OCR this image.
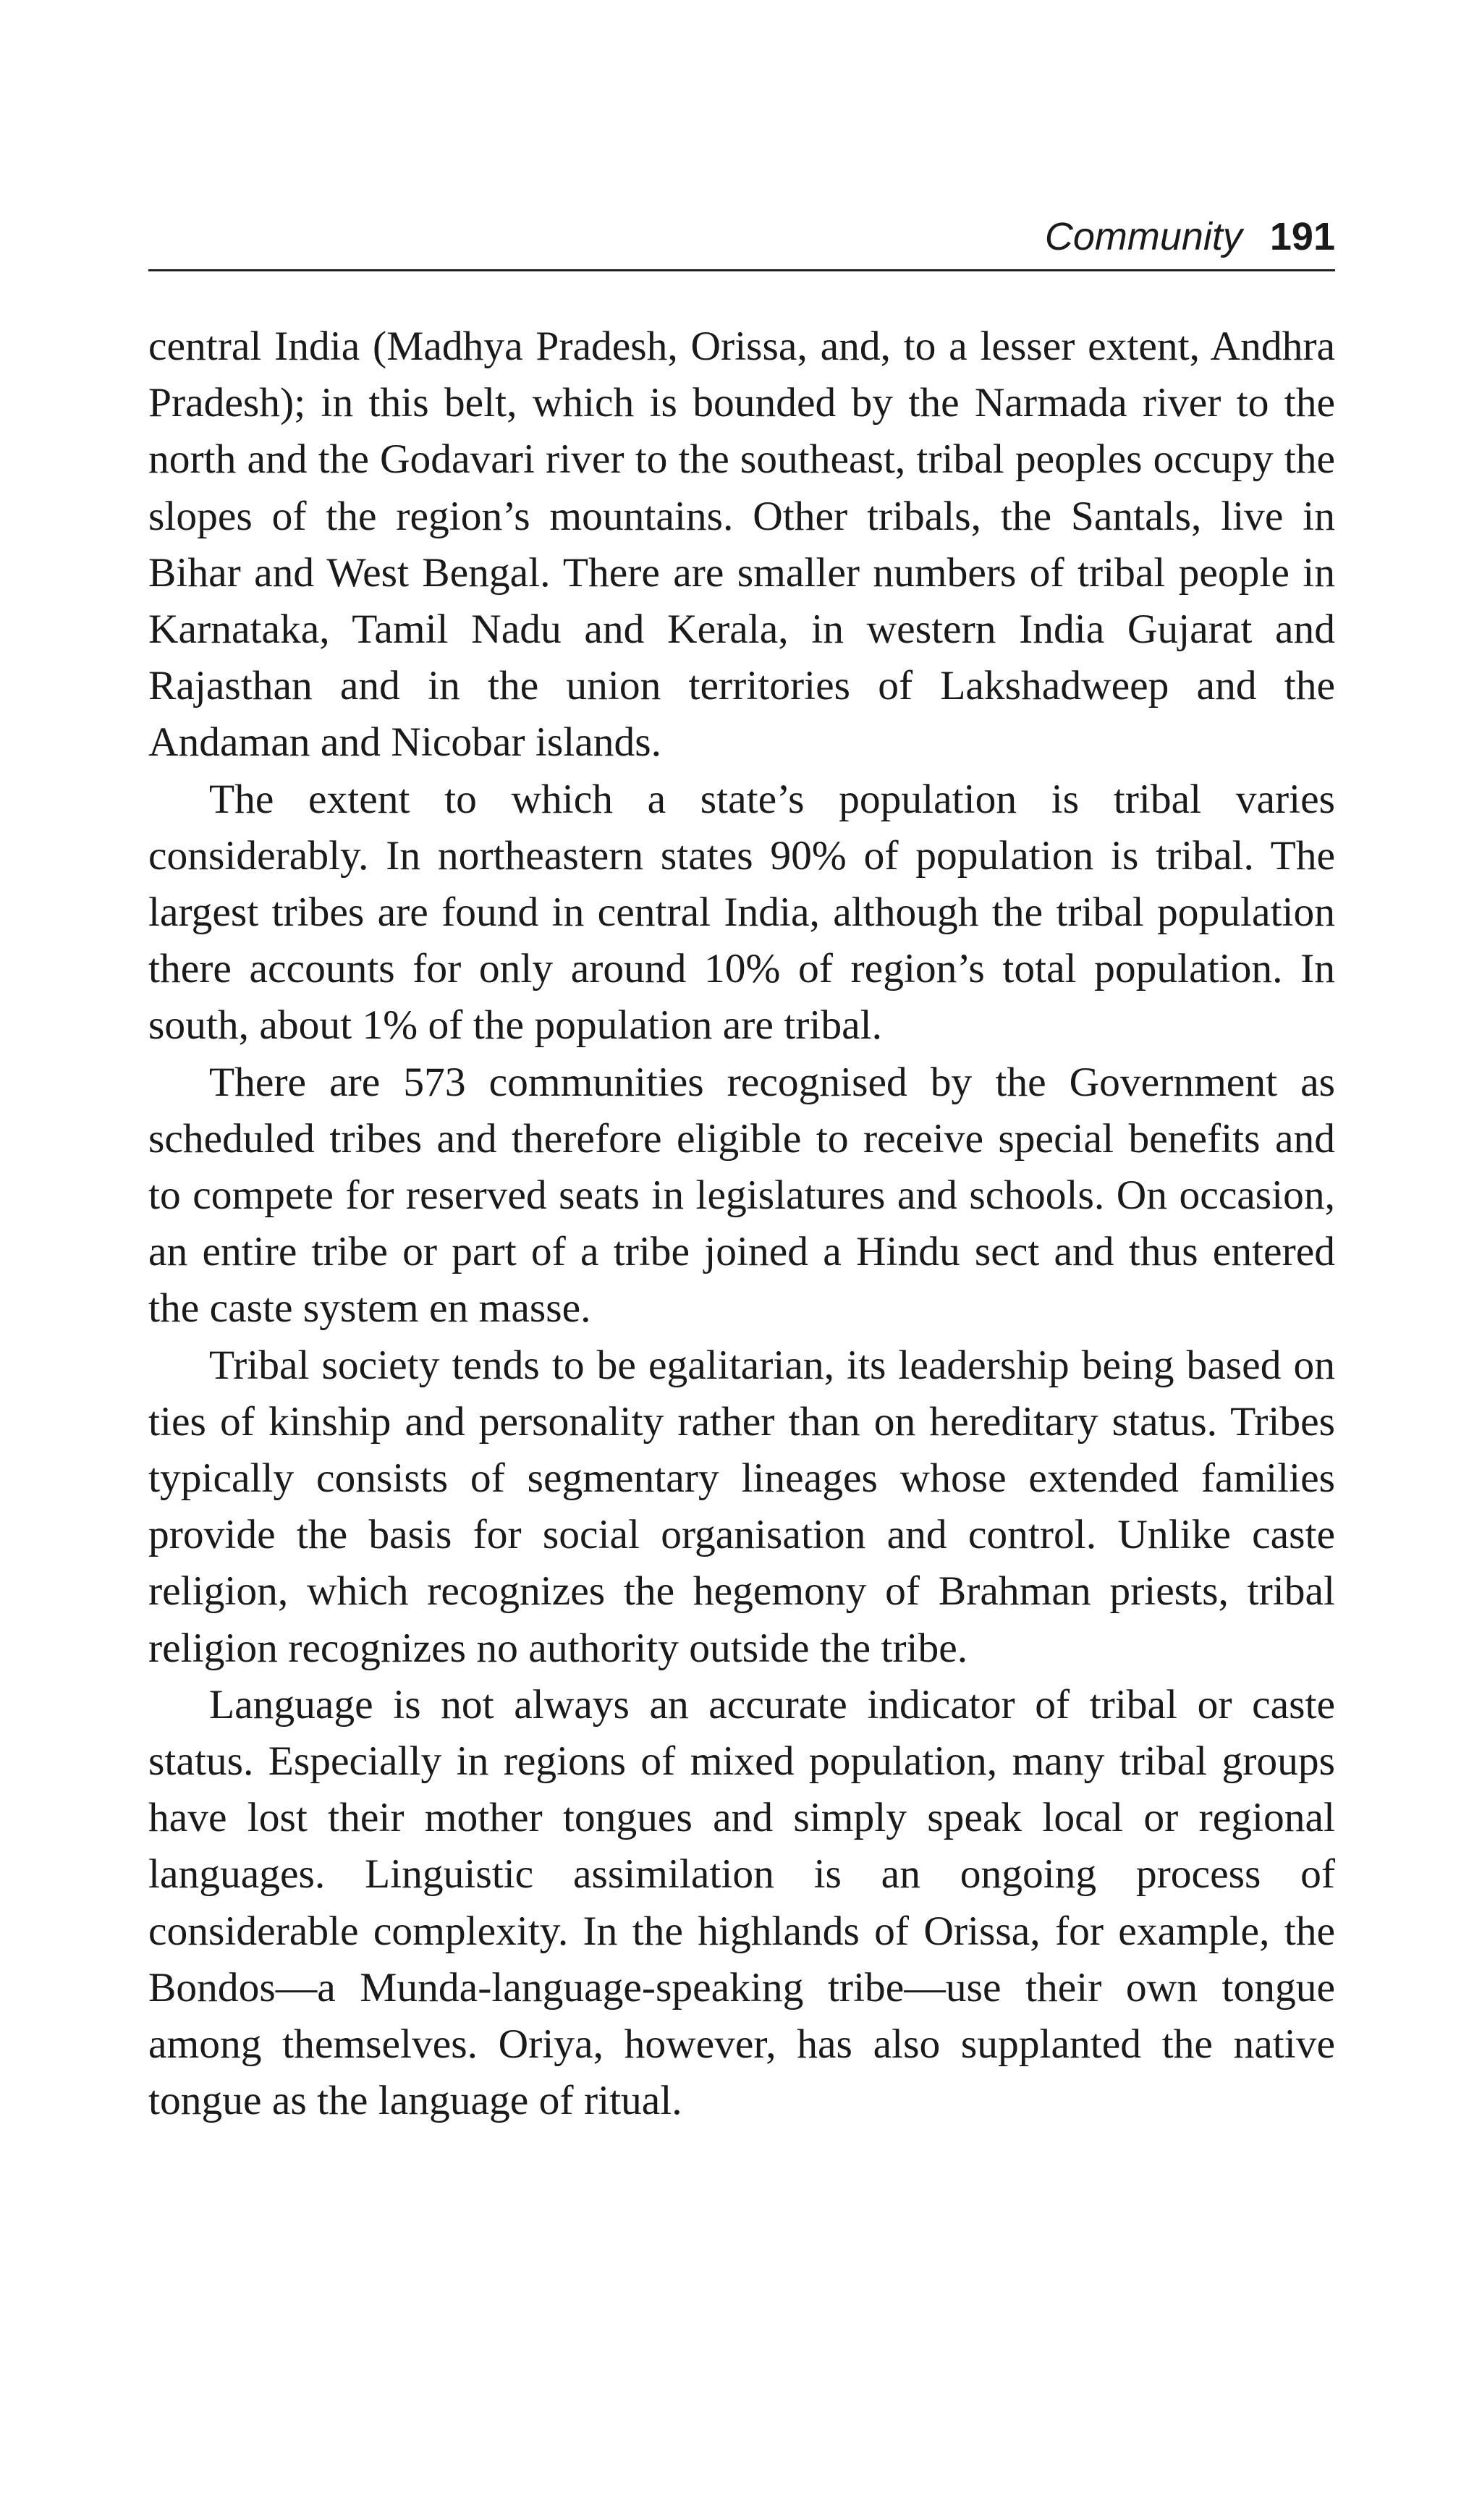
Community 191

central India (Madhya Pradesh, Orissa, and, to a lesser extent, Andhra Pradesh); in this belt, which is bounded by the Narmada river to the north and the Godavari river to the southeast, tribal peoples occupy the slopes of the region’s mountains. Other tribals, the Santals, live in Bihar and West Bengal. There are smaller numbers of tribal people in Karnataka, Tamil Nadu and Kerala, in western India Gujarat and Rajasthan and in the union territories of Lakshadweep and the Andaman and Nicobar islands.

The extent to which a state’s population is tribal varies considerably. In northeastern states 90% of population is tribal. The largest tribes are found in central India, although the tribal population there accounts for only around 10% of region’s total population. In south, about 1% of the population are tribal.

There are 573 communities recognised by the Government as scheduled tribes and therefore eligible to receive special benefits and to compete for reserved seats in legislatures and schools. On occasion, an entire tribe or part of a tribe joined a Hindu sect and thus entered the caste system en masse.

Tribal society tends to be egalitarian, its leadership being based on ties of kinship and personality rather than on hereditary status. Tribes typically consists of segmentary lineages whose extended families provide the basis for social organisation and control. Unlike caste religion, which recognizes the hegemony of Brahman priests, tribal religion recognizes no authority outside the tribe.

Language is not always an accurate indicator of tribal or caste status. Especially in regions of mixed population, many tribal groups have lost their mother tongues and simply speak local or regional languages. Linguistic assimilation is an ongoing process of considerable complexity. In the highlands of Orissa, for example, the Bondos—a Munda-language-speaking tribe—use their own tongue among themselves. Oriya, however, has also supplanted the native tongue as the language of ritual.
